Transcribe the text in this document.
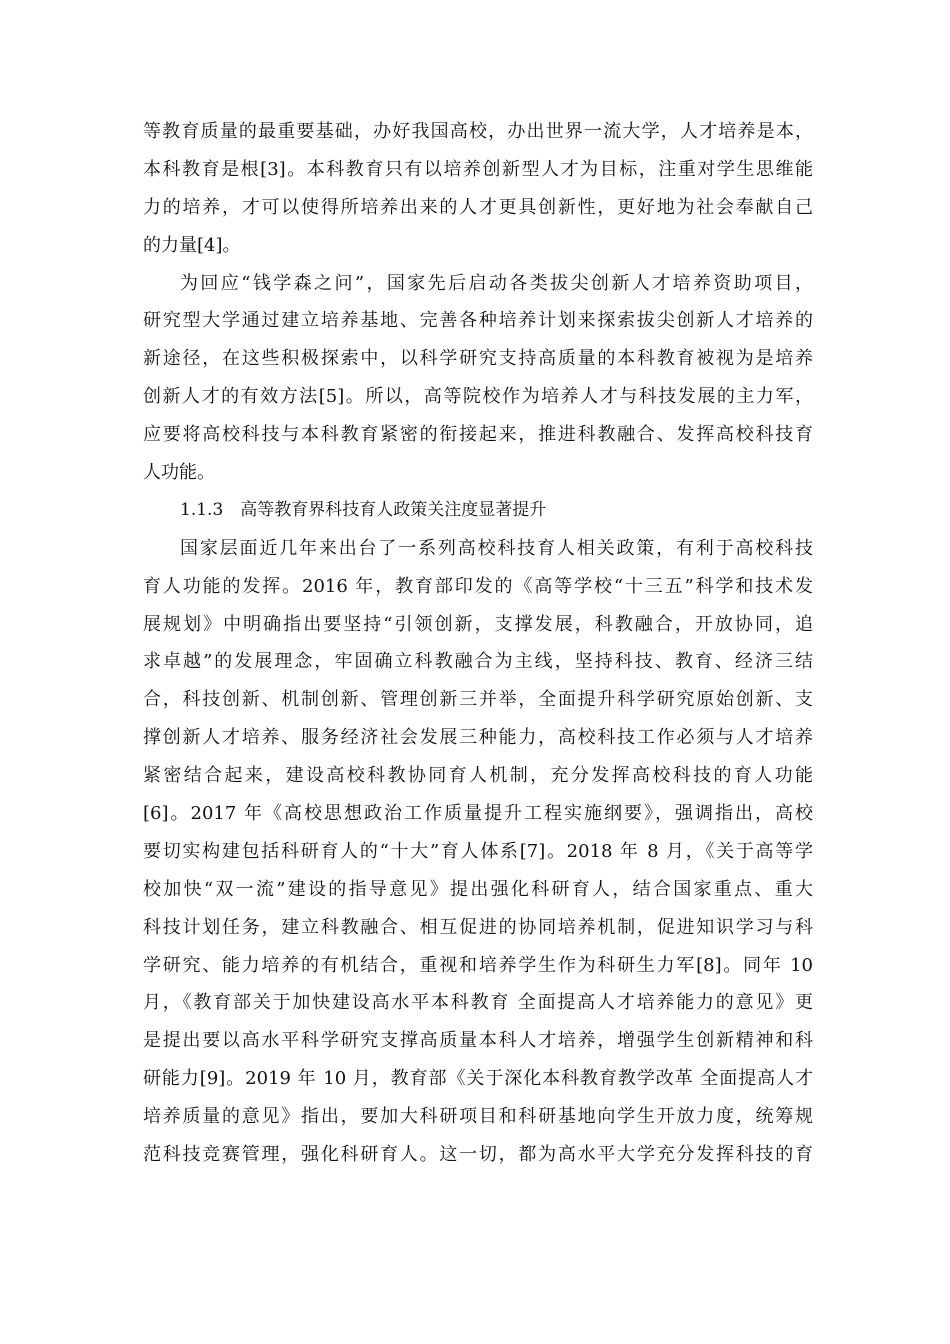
等教育质量的最重要基础，办好我国高校，办出世界一流大学，人才培养是本，
本科教育是根[3]。本科教育只有以培养创新型人才为目标，注重对学生思维能
力的培养，才可以使得所培养出来的人才更具创新性，更好地为社会奉献自己
的力量[4]。
为回应“钱学森之问”，国家先后启动各类拔尖创新人才培养资助项目，
研究型大学通过建立培养基地、完善各种培养计划来探索拔尖创新人才培养的
新途径，在这些积极探索中，以科学研究支持高质量的本科教育被视为是培养
创新人才的有效方法[5]。所以，高等院校作为培养人才与科技发展的主力军，
应要将高校科技与本科教育紧密的衔接起来，推进科教融合、发挥高校科技育
人功能。
1.1.3　高等教育界科技育人政策关注度显著提升
国家层面近几年来出台了一系列高校科技育人相关政策，有利于高校科技
育人功能的发挥。2016 年，教育部印发的《高等学校“十三五”科学和技术发
展规划》中明确指出要坚持“引领创新，支撑发展，科教融合，开放协同，追
求卓越”的发展理念，牢固确立科教融合为主线，坚持科技、教育、经济三结
合，科技创新、机制创新、管理创新三并举，全面提升科学研究原始创新、支
撑创新人才培养、服务经济社会发展三种能力，高校科技工作必须与人才培养
紧密结合起来，建设高校科教协同育人机制，充分发挥高校科技的育人功能
[6]。2017 年《高校思想政治工作质量提升工程实施纲要》，强调指出，高校
要切实构建包括科研育人的“十大”育人体系[7]。2018 年 8 月，《关于高等学
校加快“双一流”建设的指导意见》提出强化科研育人，结合国家重点、重大
科技计划任务，建立科教融合、相互促进的协同培养机制，促进知识学习与科
学研究、能力培养的有机结合，重视和培养学生作为科研生力军[8]。同年 10
月，《教育部关于加快建设高水平本科教育 全面提高人才培养能力的意见》更
是提出要以高水平科学研究支撑高质量本科人才培养，增强学生创新精神和科
研能力[9]。2019 年 10 月，教育部《关于深化本科教育教学改革 全面提高人才
培养质量的意见》指出，要加大科研项目和科研基地向学生开放力度，统筹规
范科技竞赛管理，强化科研育人。这一切，都为高水平大学充分发挥科技的育
